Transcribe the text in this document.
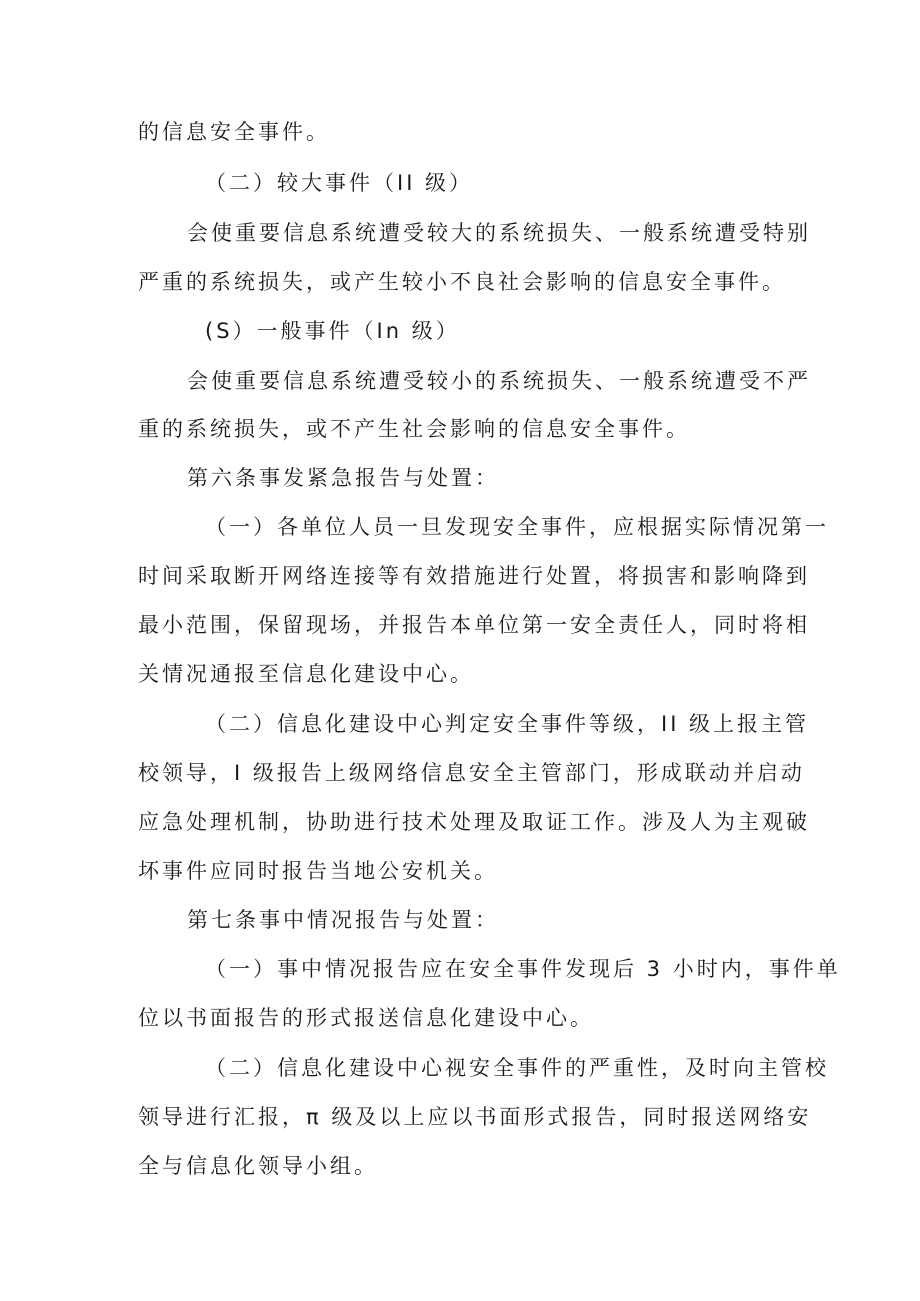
的信息安全事件。
（二）较大事件（II 级）
会使重要信息系统遭受较大的系统损失、一般系统遭受特别
严重的系统损失，或产生较小不良社会影响的信息安全事件。
(S）一般事件（In 级）
会使重要信息系统遭受较小的系统损失、一般系统遭受不严
重的系统损失，或不产生社会影响的信息安全事件。
第六条事发紧急报告与处置：
（一）各单位人员一旦发现安全事件，应根据实际情况第一
时间采取断开网络连接等有效措施进行处置，将损害和影响降到
最小范围，保留现场，并报告本单位第一安全责任人，同时将相
关情况通报至信息化建设中心。
（二）信息化建设中心判定安全事件等级，II 级上报主管
校领导，I 级报告上级网络信息安全主管部门，形成联动并启动
应急处理机制，协助进行技术处理及取证工作。涉及人为主观破
坏事件应同时报告当地公安机关。
第七条事中情况报告与处置：
（一）事中情况报告应在安全事件发现后 3 小时内，事件单
位以书面报告的形式报送信息化建设中心。
（二）信息化建设中心视安全事件的严重性，及时向主管校
领导进行汇报，π 级及以上应以书面形式报告，同时报送网络安
全与信息化领导小组。
